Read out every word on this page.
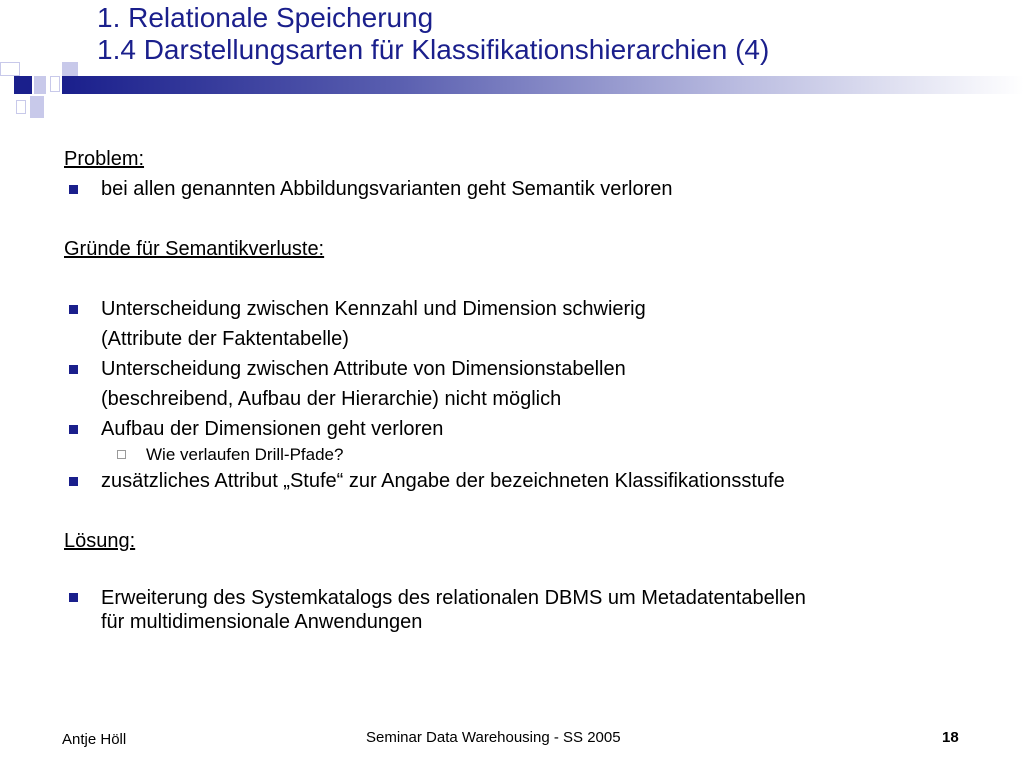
1. Relationale Speicherung
1.4 Darstellungsarten für Klassifikationshierarchien (4)

Problem:

bei allen genannten Abbildungsvarianten geht Semantik verloren

Gründe für Semantikverluste:

Unterscheidung zwischen Kennzahl und Dimension schwierig
(Attribute der Faktentabelle)
Unterscheidung zwischen Attribute von Dimensionstabellen
(beschreibend, Aufbau der Hierarchie) nicht möglich
Aufbau der Dimensionen geht verloren
Wie verlaufen Drill-Pfade?
zusätzliches Attribut „Stufe“ zur Angabe der bezeichneten Klassifikationsstufe

Lösung:

Erweiterung des Systemkatalogs des relationalen DBMS um Metadatentabellen
für multidimensionale Anwendungen
Antje Höll	Seminar Data Warehousing - SS 2005	18
